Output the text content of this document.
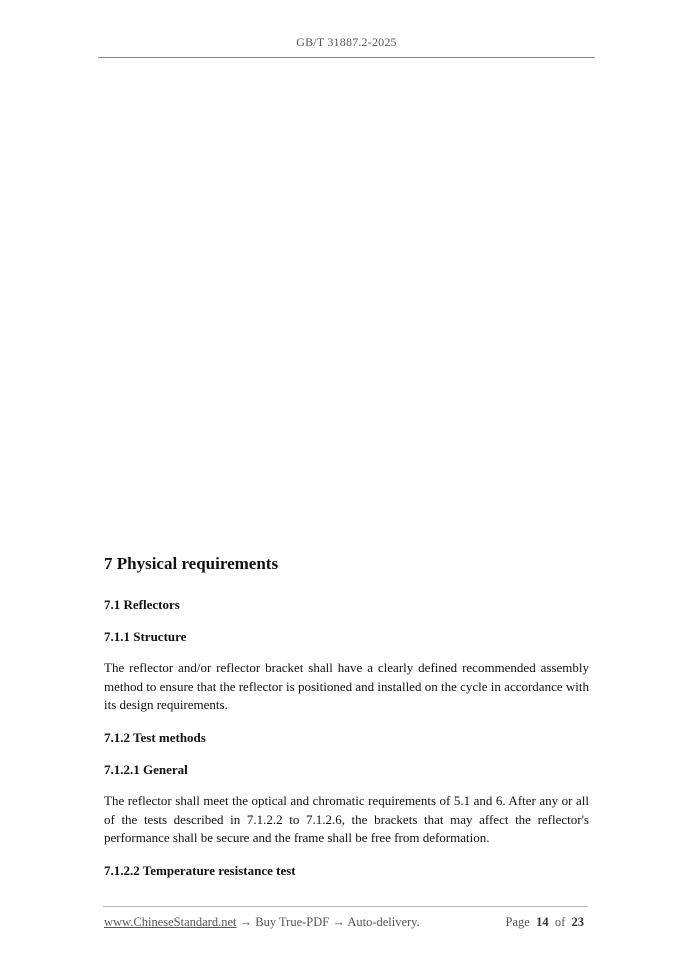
GB/T 31887.2-2025
7 Physical requirements
7.1 Reflectors
7.1.1 Structure

The reflector and/or reflector bracket shall have a clearly defined recommended assembly method to ensure that the reflector is positioned and installed on the cycle in accordance with its design requirements.

7.1.2 Test methods
7.1.2.1 General

The reflector shall meet the optical and chromatic requirements of 5.1 and 6. After any or all of the tests described in 7.1.2.2 to 7.1.2.6, the brackets that may affect the reflector's performance shall be secure and the frame shall be free from deformation.

7.1.2.2 Temperature resistance test
www.ChineseStandard.net → Buy True-PDF → Auto-delivery.	Page 14 of 23
